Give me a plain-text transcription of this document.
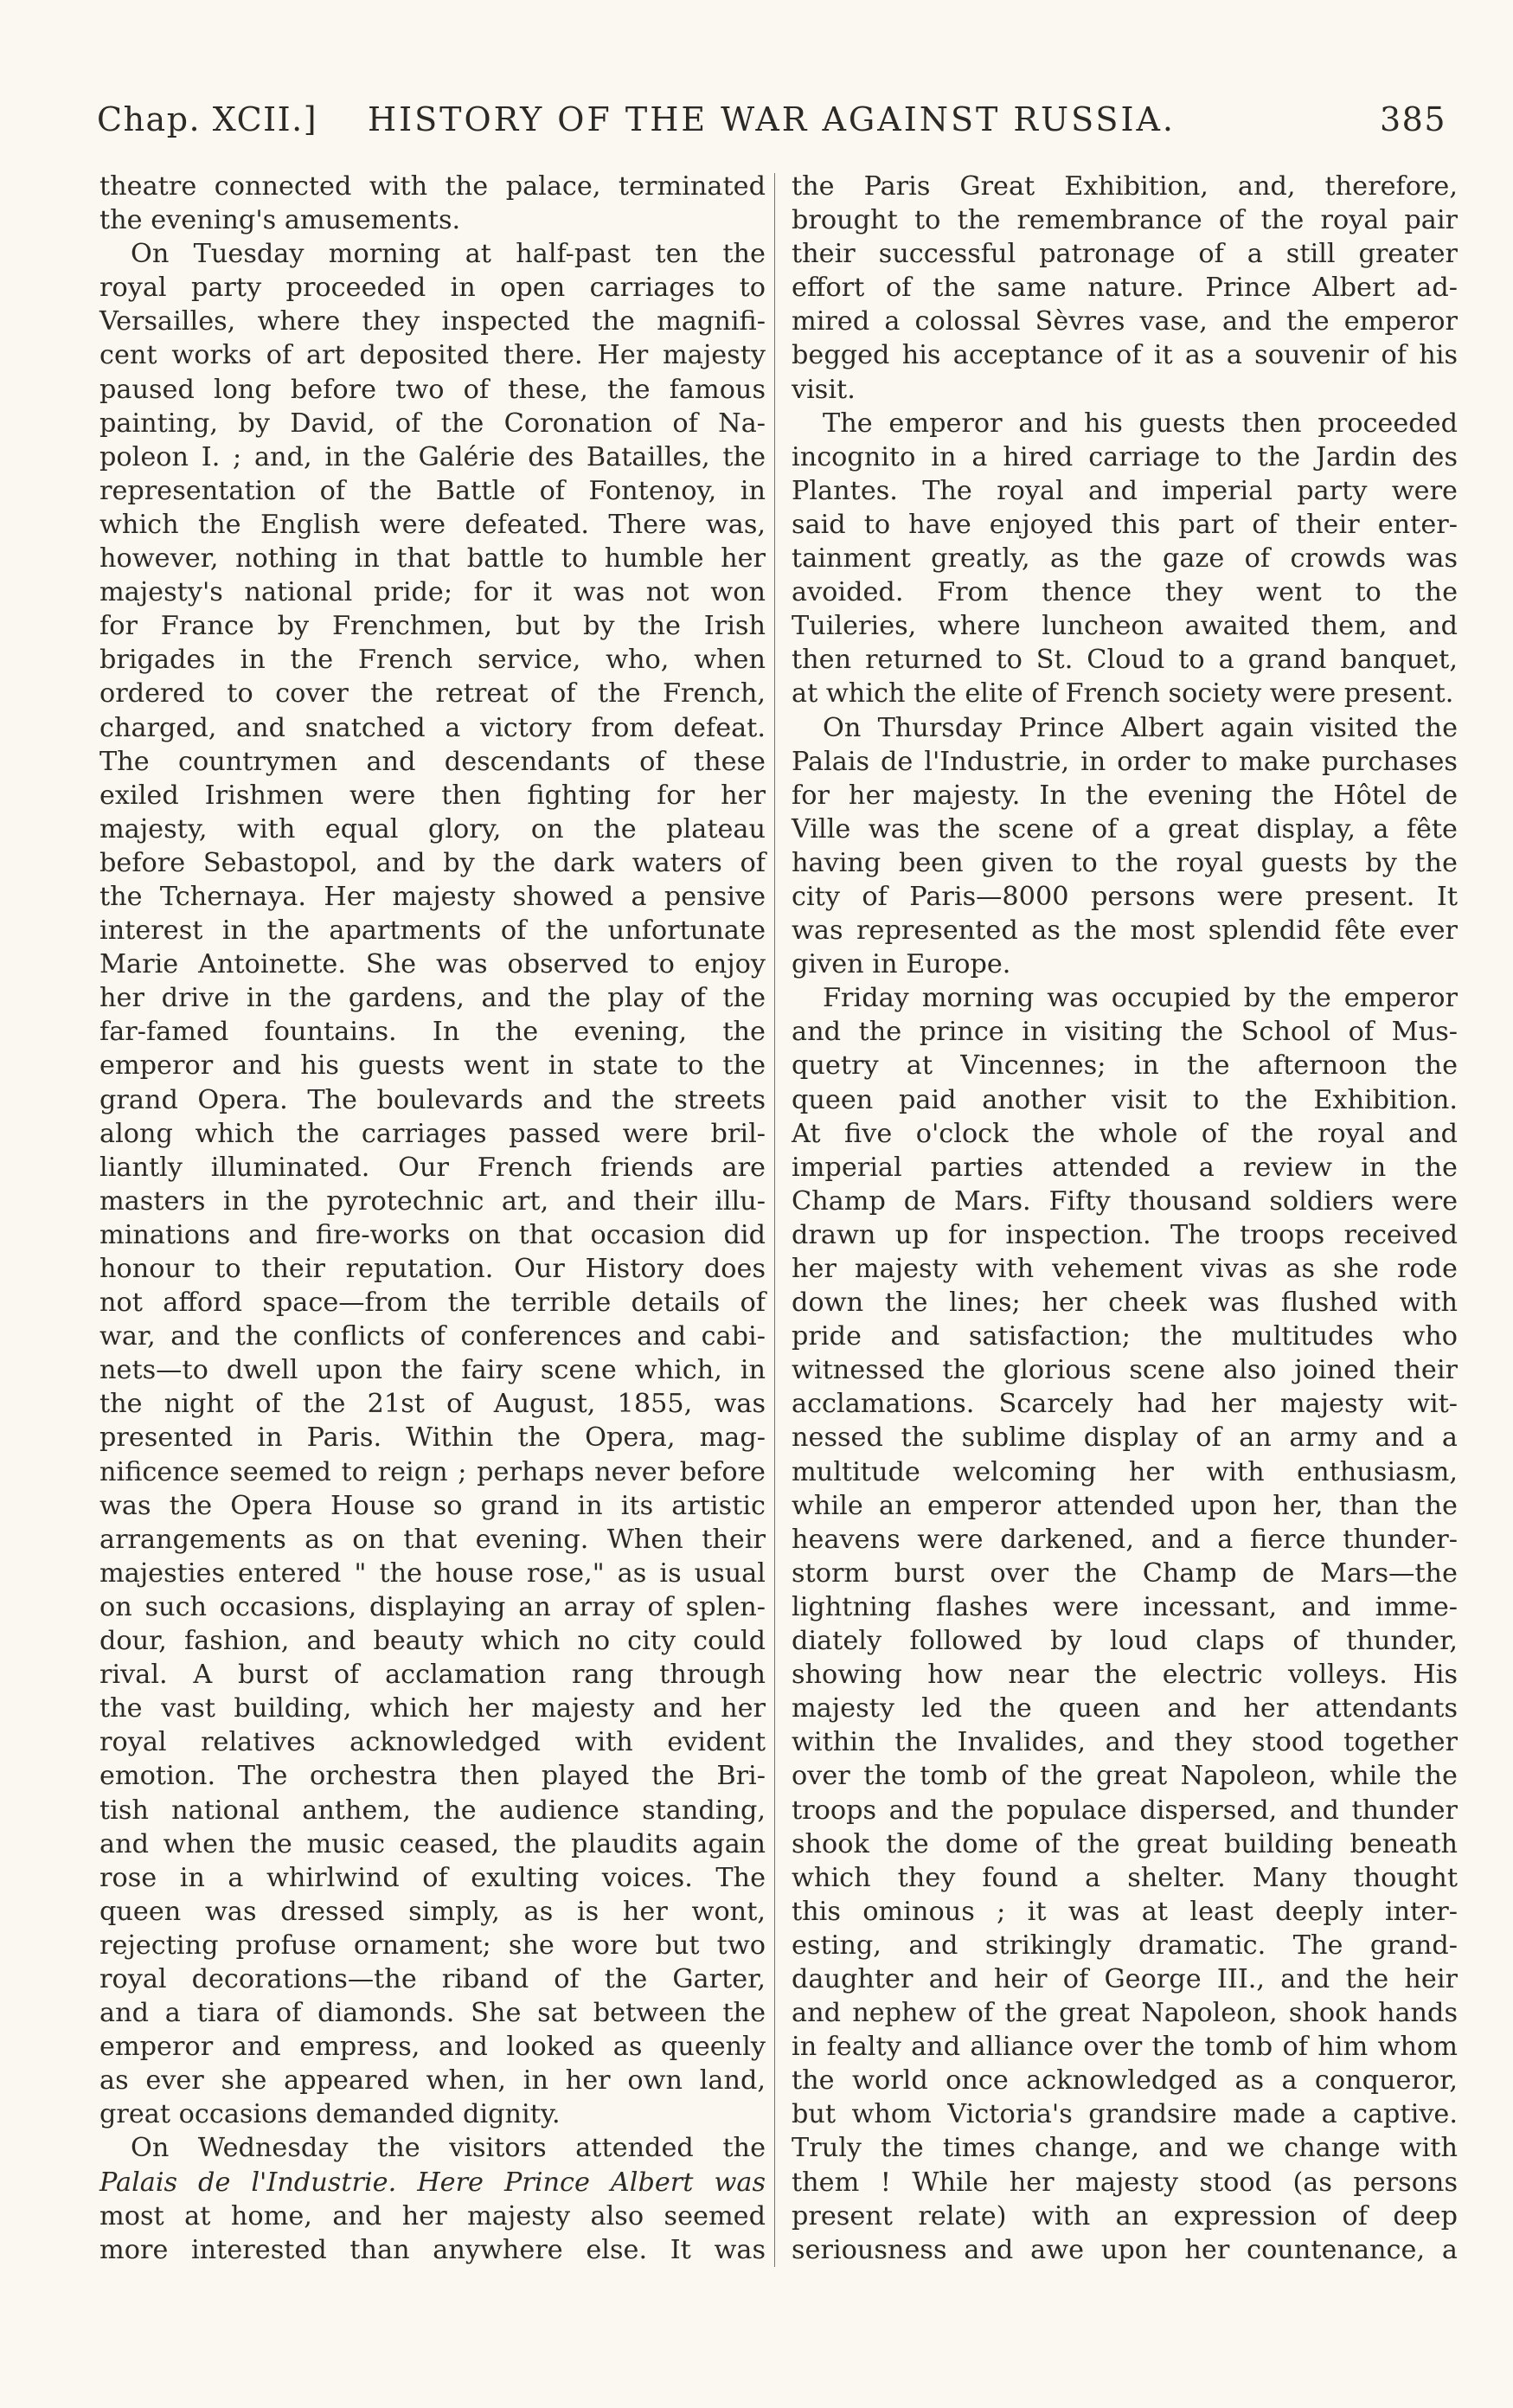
Chap. XCII.]	HISTORY OF THE WAR AGAINST RUSSIA.	385

theatre connected with the palace, terminated
the evening's amusements.

On Tuesday morning at half-past ten the
royal party proceeded in open carriages to
Versailles, where they inspected the magnifi-
cent works of art deposited there. Her majesty
paused long before two of these, the famous
painting, by David, of the Coronation of Na-
poleon I. ; and, in the Galérie des Batailles, the
representation of the Battle of Fontenoy, in
which the English were defeated. There was,
however, nothing in that battle to humble her
majesty's national pride; for it was not won
for France by Frenchmen, but by the Irish
brigades in the French service, who, when
ordered to cover the retreat of the French,
charged, and snatched a victory from defeat.
The countrymen and descendants of these
exiled Irishmen were then fighting for her
majesty, with equal glory, on the plateau
before Sebastopol, and by the dark waters of
the Tchernaya. Her majesty showed a pensive
interest in the apartments of the unfortunate
Marie Antoinette. She was observed to enjoy
her drive in the gardens, and the play of the
far-famed fountains. In the evening, the
emperor and his guests went in state to the
grand Opera. The boulevards and the streets
along which the carriages passed were bril-
liantly illuminated. Our French friends are
masters in the pyrotechnic art, and their illu-
minations and fire-works on that occasion did
honour to their reputation. Our History does
not afford space—from the terrible details of
war, and the conflicts of conferences and cabi-
nets—to dwell upon the fairy scene which, in
the night of the 21st of August, 1855, was
presented in Paris. Within the Opera, mag-
nificence seemed to reign ; perhaps never before
was the Opera House so grand in its artistic
arrangements as on that evening. When their
majesties entered " the house rose," as is usual
on such occasions, displaying an array of splen-
dour, fashion, and beauty which no city could
rival. A burst of acclamation rang through
the vast building, which her majesty and her
royal relatives acknowledged with evident
emotion. The orchestra then played the Bri-
tish national anthem, the audience standing,
and when the music ceased, the plaudits again
rose in a whirlwind of exulting voices. The
queen was dressed simply, as is her wont,
rejecting profuse ornament; she wore but two
royal decorations—the riband of the Garter,
and a tiara of diamonds. She sat between the
emperor and empress, and looked as queenly
as ever she appeared when, in her own land,
great occasions demanded dignity.

On Wednesday the visitors attended the
Palais de l'Industrie. Here Prince Albert was
most at home, and her majesty also seemed
more interested than anywhere else. It was

the Paris Great Exhibition, and, therefore,
brought to the remembrance of the royal pair
their successful patronage of a still greater
effort of the same nature. Prince Albert ad-
mired a colossal Sèvres vase, and the emperor
begged his acceptance of it as a souvenir of his
visit.

The emperor and his guests then proceeded
incognito in a hired carriage to the Jardin des
Plantes. The royal and imperial party were
said to have enjoyed this part of their enter-
tainment greatly, as the gaze of crowds was
avoided. From thence they went to the
Tuileries, where luncheon awaited them, and
then returned to St. Cloud to a grand banquet,
at which the elite of French society were present.

On Thursday Prince Albert again visited the
Palais de l'Industrie, in order to make purchases
for her majesty. In the evening the Hôtel de
Ville was the scene of a great display, a fête
having been given to the royal guests by the
city of Paris—8000 persons were present. It
was represented as the most splendid fête ever
given in Europe.

Friday morning was occupied by the emperor
and the prince in visiting the School of Mus-
quetry at Vincennes; in the afternoon the
queen paid another visit to the Exhibition.
At five o'clock the whole of the royal and
imperial parties attended a review in the
Champ de Mars. Fifty thousand soldiers were
drawn up for inspection. The troops received
her majesty with vehement vivas as she rode
down the lines; her cheek was flushed with
pride and satisfaction; the multitudes who
witnessed the glorious scene also joined their
acclamations. Scarcely had her majesty wit-
nessed the sublime display of an army and a
multitude welcoming her with enthusiasm,
while an emperor attended upon her, than the
heavens were darkened, and a fierce thunder-
storm burst over the Champ de Mars—the
lightning flashes were incessant, and imme-
diately followed by loud claps of thunder,
showing how near the electric volleys. His
majesty led the queen and her attendants
within the Invalides, and they stood together
over the tomb of the great Napoleon, while the
troops and the populace dispersed, and thunder
shook the dome of the great building beneath
which they found a shelter. Many thought
this ominous ; it was at least deeply inter-
esting, and strikingly dramatic. The grand-
daughter and heir of George III., and the heir
and nephew of the great Napoleon, shook hands
in fealty and alliance over the tomb of him whom
the world once acknowledged as a conqueror,
but whom Victoria's grandsire made a captive.
Truly the times change, and we change with
them ! While her majesty stood (as persons
present relate) with an expression of deep
seriousness and awe upon her countenance, a
